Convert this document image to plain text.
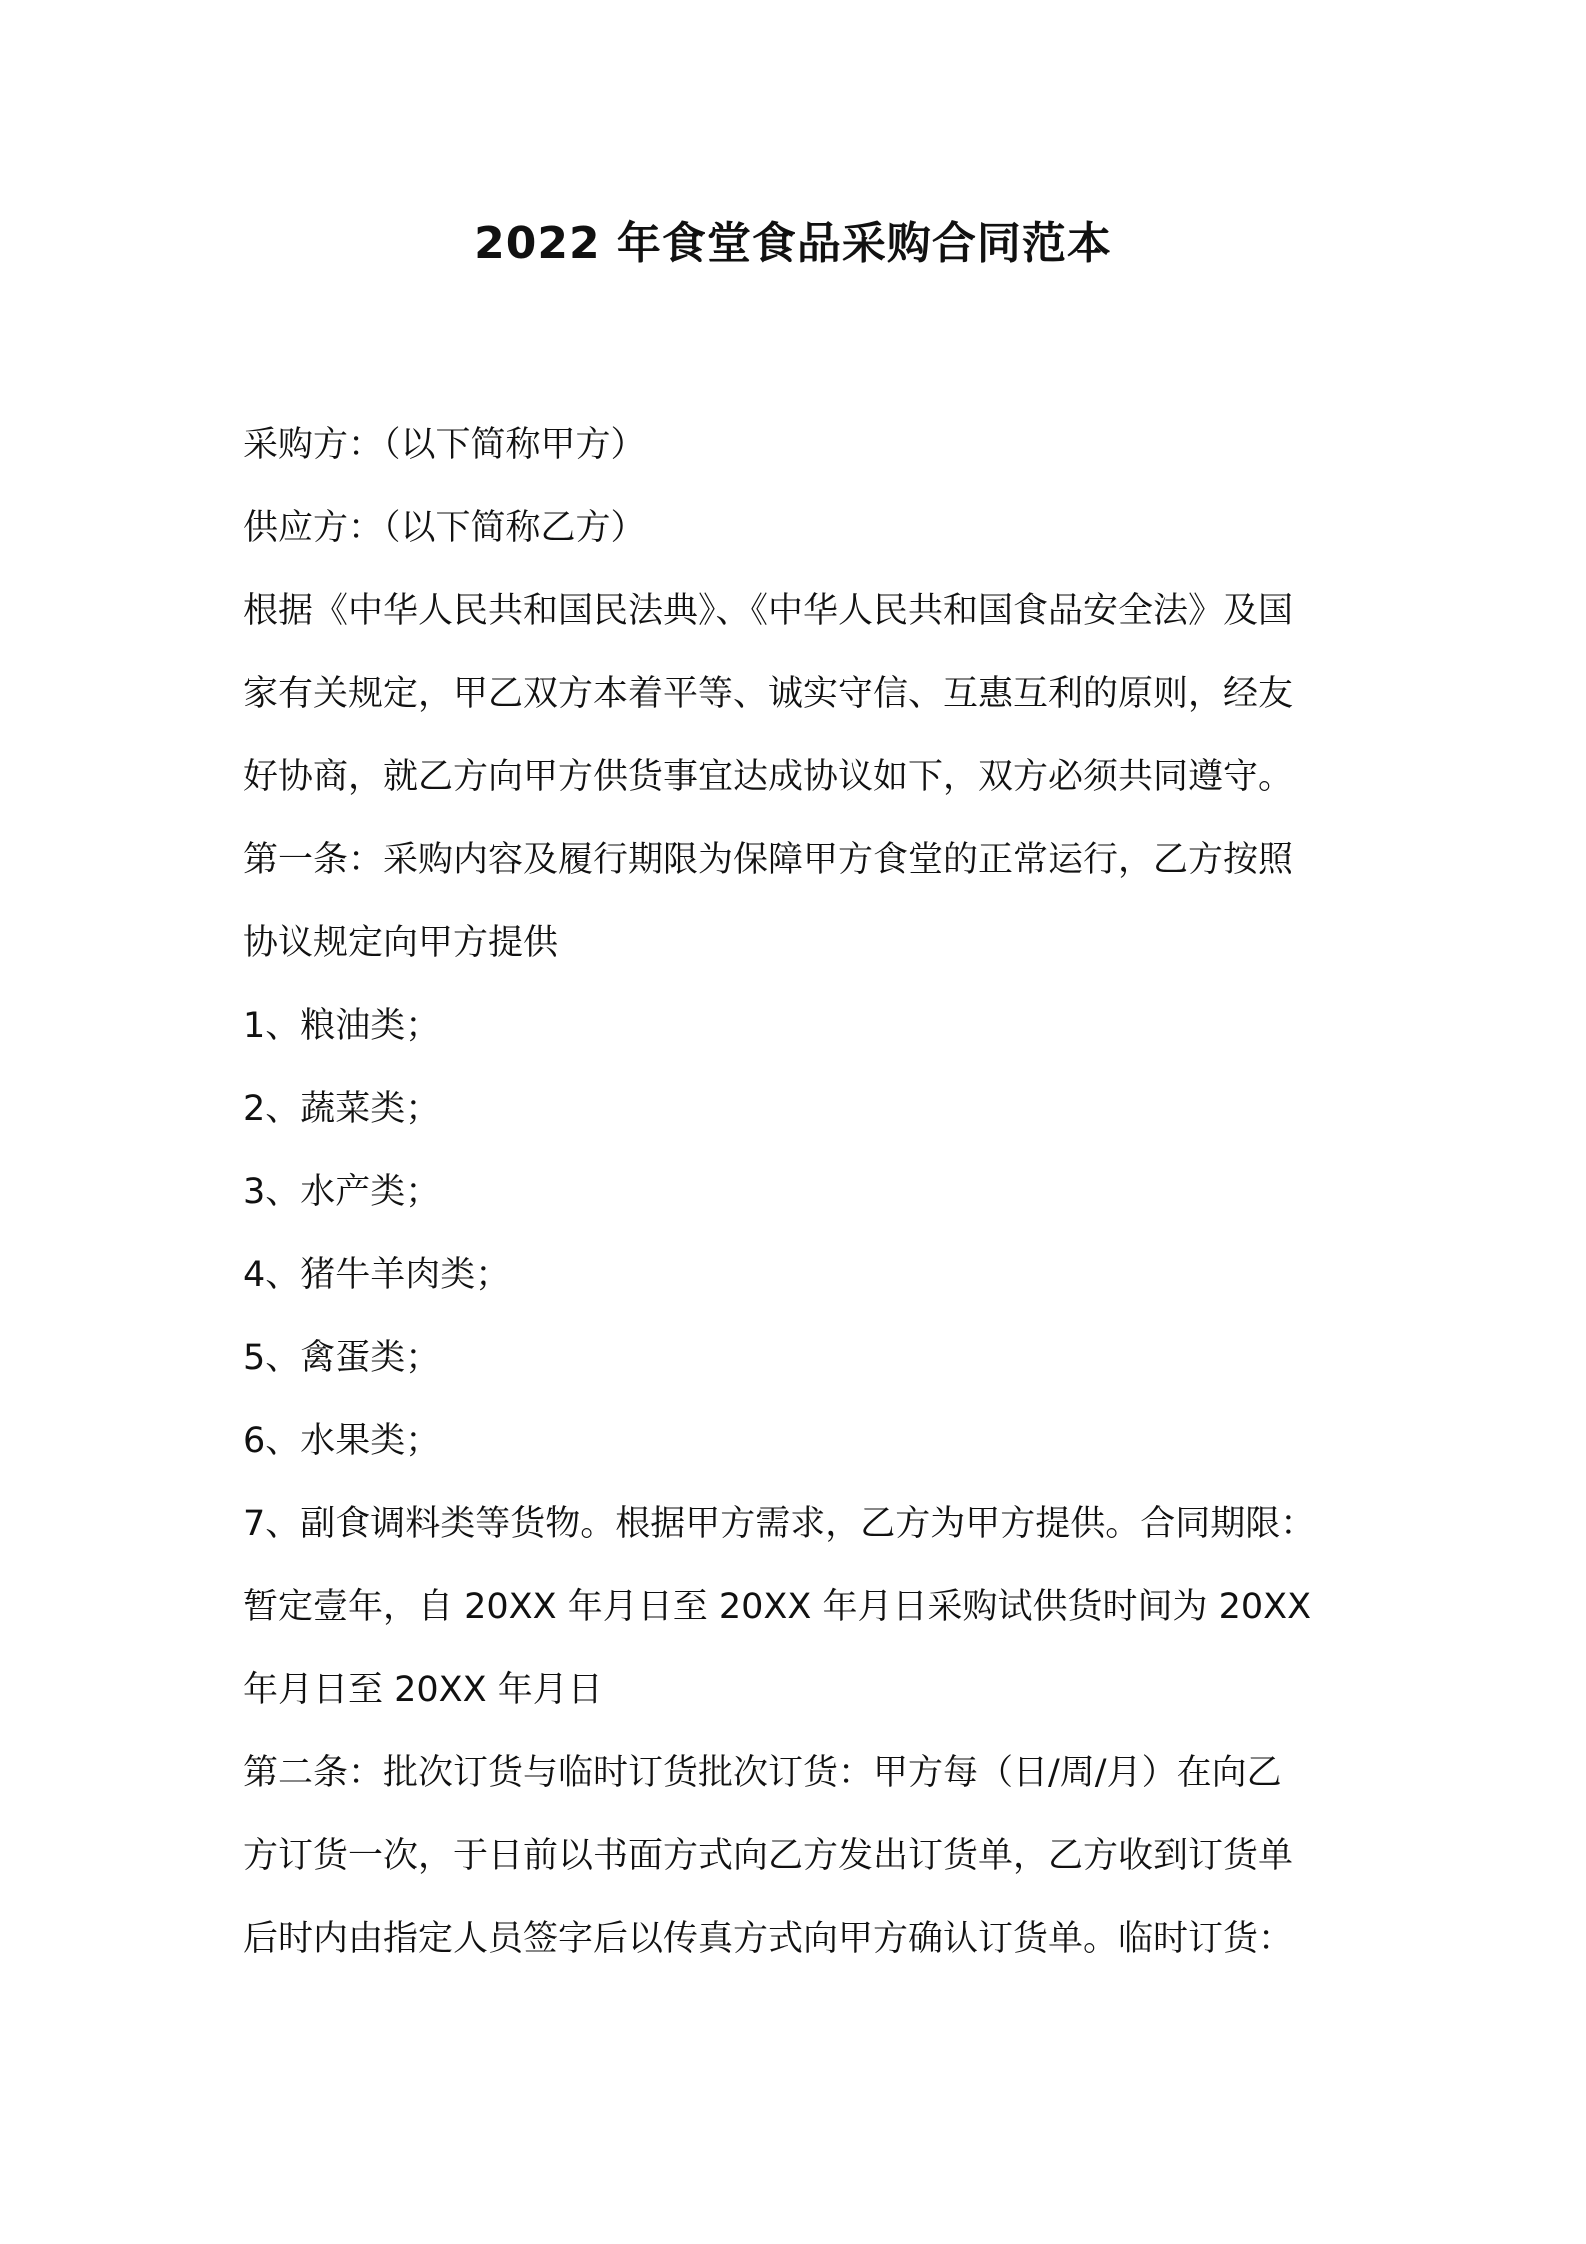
2022 年食堂食品采购合同范本
采购方：（以下简称甲方）
供应方：（以下简称乙方）
根据《中华人民共和国民法典》、《中华人民共和国食品安全法》及国
家有关规定，甲乙双方本着平等、诚实守信、互惠互利的原则，经友
好协商，就乙方向甲方供货事宜达成协议如下，双方必须共同遵守。
第一条：采购内容及履行期限为保障甲方食堂的正常运行，乙方按照
协议规定向甲方提供
1、粮油类；
2、蔬菜类；
3、水产类；
4、猪牛羊肉类；
5、禽蛋类；
6、水果类；
7、副食调料类等货物。根据甲方需求，乙方为甲方提供。合同期限：
暂定壹年，自 20XX 年月日至 20XX 年月日采购试供货时间为 20XX
年月日至 20XX 年月日
第二条：批次订货与临时订货批次订货：甲方每（日/周/月）在向乙
方订货一次，于日前以书面方式向乙方发出订货单，乙方收到订货单
后时内由指定人员签字后以传真方式向甲方确认订货单。临时订货：
